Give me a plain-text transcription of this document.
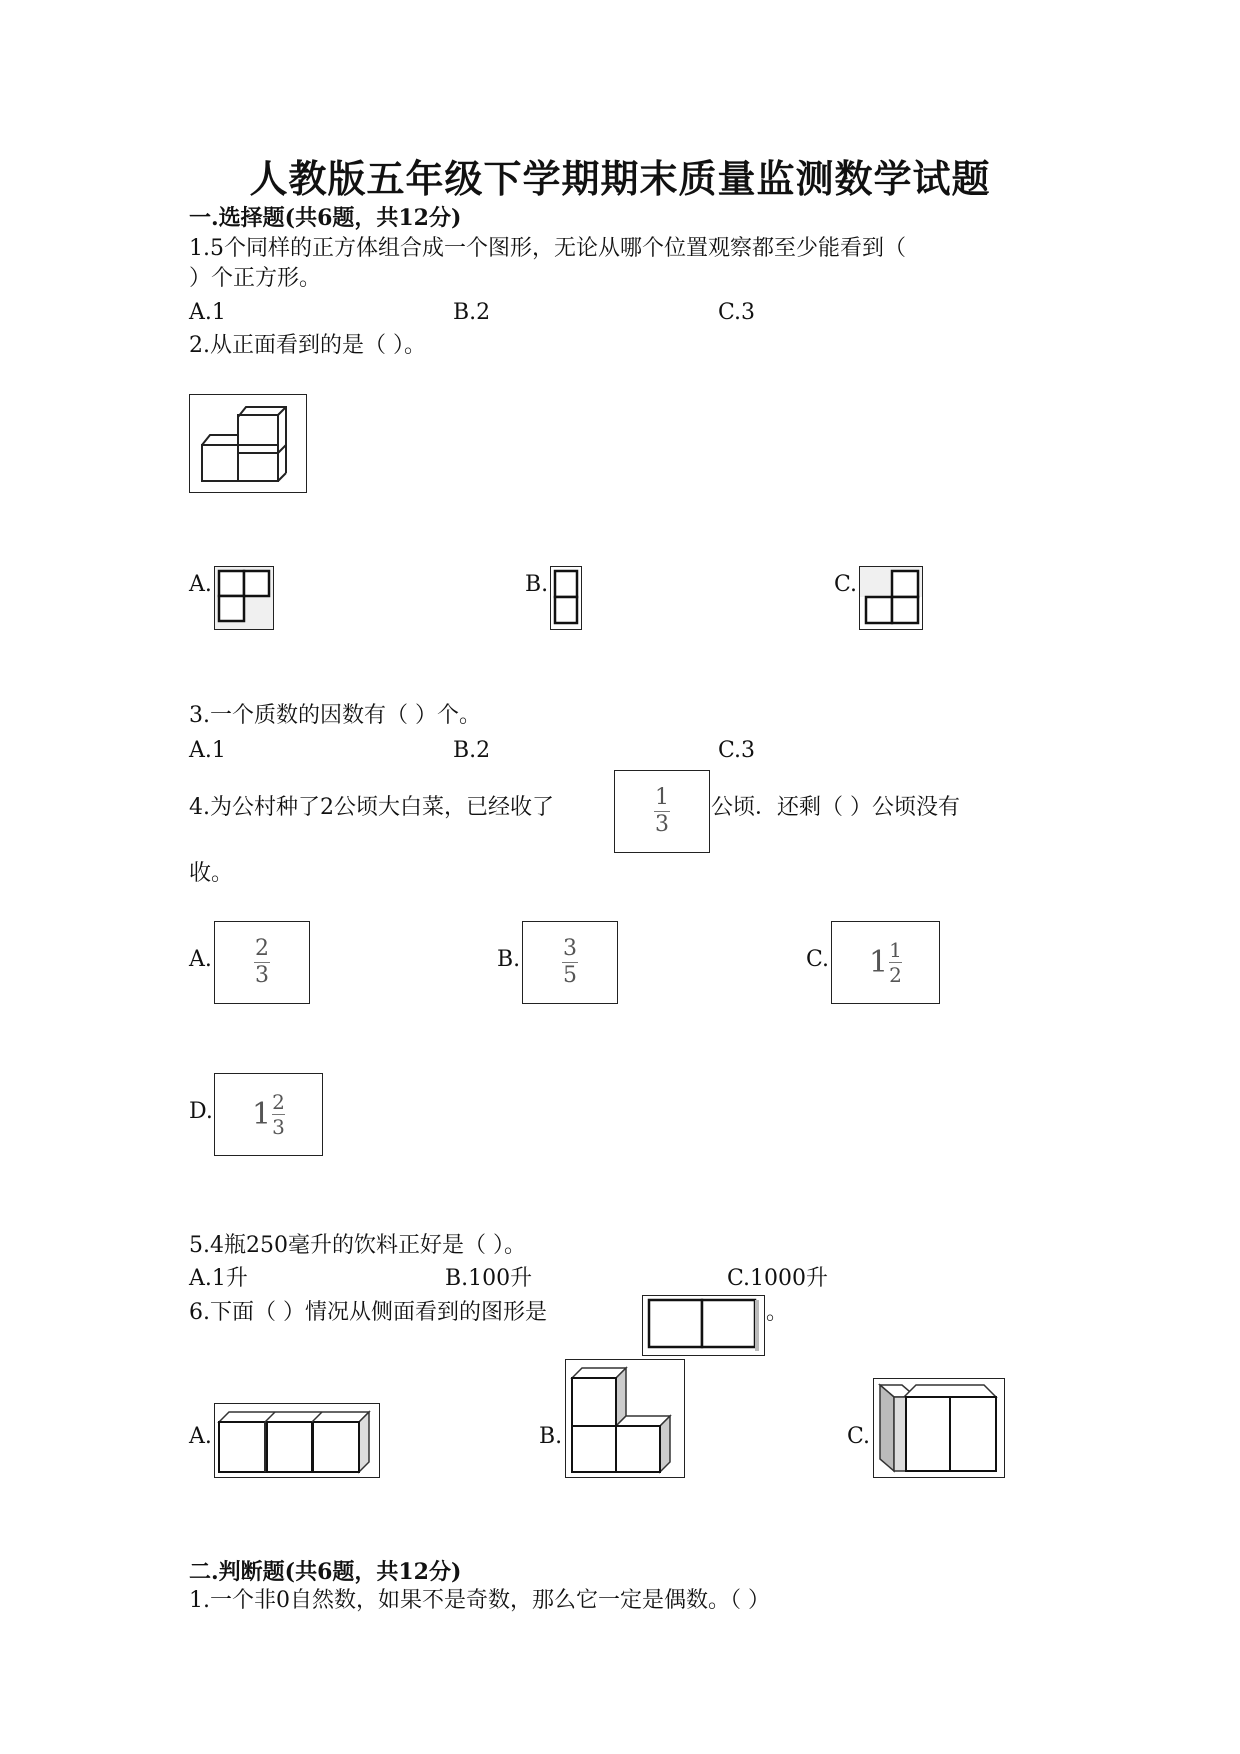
人教版五年级下学期期末质量监测数学试题
一.选择题(共6题，共12分)
1.5个同样的正方体组合成一个图形，无论从哪个位置观察都至少能看到（
）个正方形。
A.1	B.2	C.3
2.从正面看到的是（ ）。
A.	B.	C.
3.一个质数的因数有（ ）个。
A.1	B.2	C.3
4.为公村种了2公顷大白菜，已经收了	$\frac{1}{3}$ 公顷．还剩（ ）公顷没有
收。
A. $\frac{2}{3}$	B. $\frac{3}{5}$	C. $1 \frac{1}{2}$
D. $1 \frac{2}{3}$
5.4瓶250毫升的饮料正好是（ ）。
A.1升	B.100升	C.1000升
6.下面（ ）情况从侧面看到的图形是	。
A.	B.	C.
二.判断题(共6题，共12分)
1.一个非0自然数，如果不是奇数，那么它一定是偶数。（ ）
